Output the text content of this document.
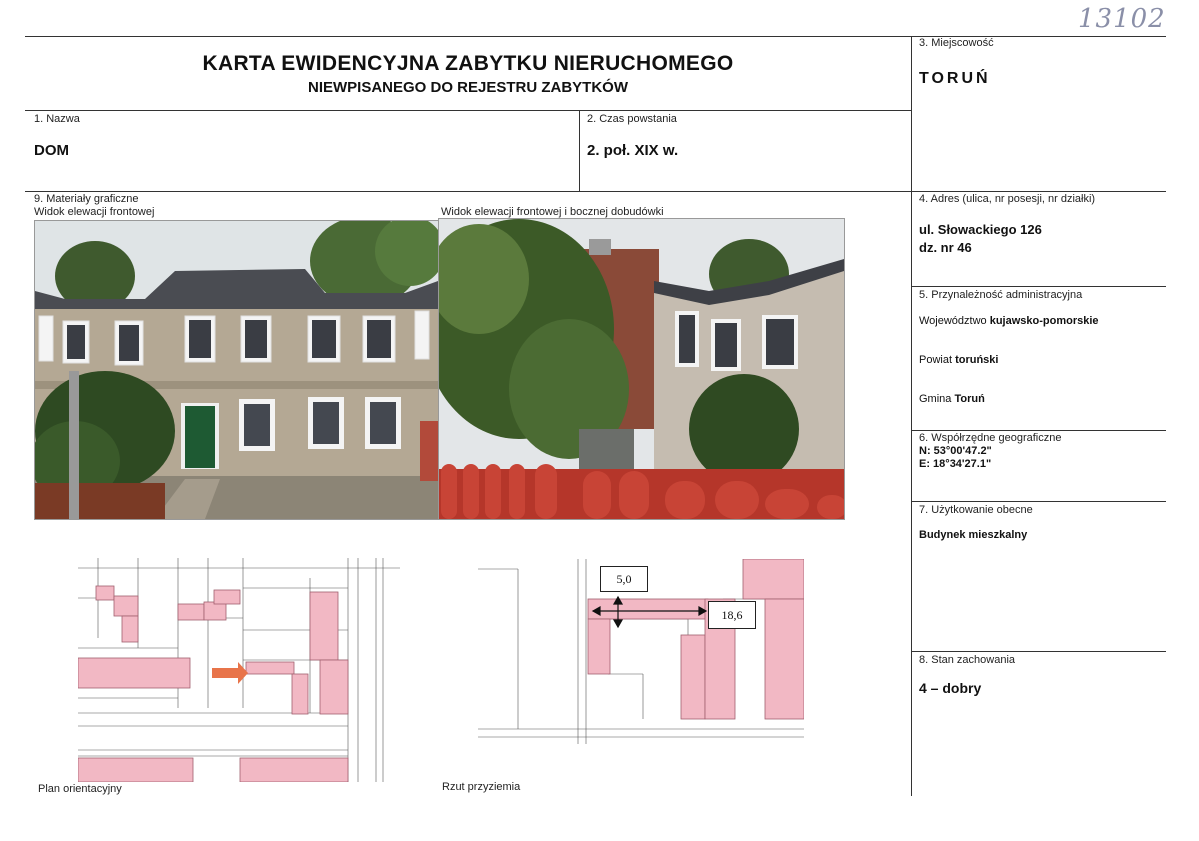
13102
KARTA EWIDENCYJNA ZABYTKU NIERUCHOMEGO
NIEWPISANEGO DO REJESTRU ZABYTKÓW
3. Miejscowość
TORUŃ
1. Nazwa
DOM
2. Czas powstania
2. poł. XIX w.
9. Materiały graficzne
Widok elewacji frontowej	Widok elewacji frontowej i bocznej dobudówki
4. Adres (ulica, nr posesji, nr działki)
ul. Słowackiego 126
dz. nr 46
5. Przynależność administracyjna
Województwo kujawsko-pomorskie
Powiat toruński
Gmina Toruń
6. Współrzędne geograficzne
N: 53°00'47.2"
E: 18°34'27.1"
7. Użytkowanie obecne
Budynek mieszkalny
8. Stan zachowania
4 – dobry
Plan orientacyjny
5,0
18,6
Rzut przyziemia
